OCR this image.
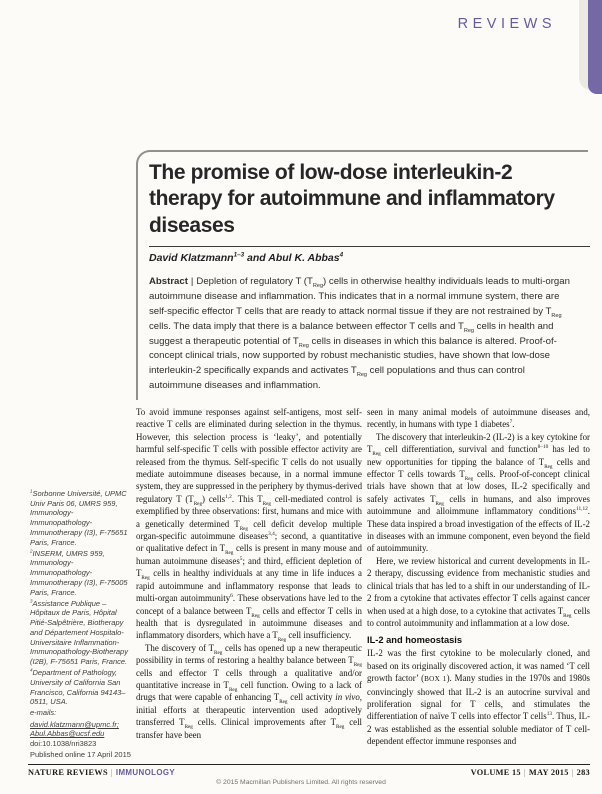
REVIEWS
The promise of low-dose interleukin-2 therapy for autoimmune and inflammatory diseases
David Klatzmann$^{1-3}$ and Abul K. Abbas$^4$
Abstract | Depletion of regulatory T $(T_{Reg})$ cells in otherwise healthy individuals leads to multi-organ autoimmune disease and inflammation. This indicates that in a normal immune system, there are self-specific effector T cells that are ready to attack normal tissue if they are not restrained by $T_{Reg}$ cells. The data imply that there is a balance between effector T cells and $T_{Reg}$ cells in health and suggest a therapeutic potential of $T_{Reg}$ cells in diseases in which this balance is altered. Proof-of-concept clinical trials, now supported by robust mechanistic studies, have shown that low-dose interleukin-2 specifically expands and activates $T_{Reg}$ cell populations and thus can control autoimmune diseases and inflammation.

$^1$Sorbonne Université, UPMC Univ Paris 06, UMRS 959, Immunology-Immunopathology-Immunotherapy (I3), F-75651 Paris, France.

$^2$INSERM, UMRS 959, Immunology-Immunopathology-Immunotherapy (I3), F-75005 Paris, France.

$^3$Assistance Publique – Hôpitaux de Paris, Hôpital Pitié-Salpêtrière, Biotherapy and Département Hospitalo-Universitaire Inflammation-Immunopathology-Biotherapy (I2B), F-75651 Paris, France.

$^4$Department of Pathology, University of California San Francisco, California 94143–0511, USA.

e-mails:

david.klatzmann@upmc.fr;
Abul.Abbas@ucsf.edu

doi:10.1038/nri3823

Published online 17 April 2015

To avoid immune responses against self-antigens, most self-reactive T cells are eliminated during selection in the thymus. However, this selection process is ‘leaky’, and potentially harmful self-specific T cells with possible effector activity are released from the thymus. Self-specific T cells do not usually mediate autoimmune diseases because, in a normal immune system, they are suppressed in the periphery by thymus-derived regulatory T $(T_{Reg})$ cells$^{1,2}$. This $T_{Reg}$ cell-mediated control is exemplified by three observations: first, humans and mice with a genetically determined $T_{Reg}$ cell deficit develop multiple organ-specific autoimmune diseases$^{3,4}$; second, a quantitative or qualitative defect in $T_{Reg}$ cells is present in many mouse and human autoimmune diseases$^5$; and third, efficient depletion of $T_{Reg}$ cells in healthy individuals at any time in life induces a rapid autoimmune and inflammatory response that leads to multi-organ autoimmunity$^6$. These observations have led to the concept of a balance between $T_{Reg}$ cells and effector T cells in health that is dysregulated in autoimmune diseases and inflammatory disorders, which have a $T_{Reg}$ cell insufficiency.

The discovery of $T_{Reg}$ cells has opened up a new therapeutic possibility in terms of restoring a healthy balance between $T_{Reg}$ cells and effector T cells through a qualitative and/or quantitative increase in $T_{Reg}$ cell function. Owing to a lack of drugs that were capable of enhancing $T_{Reg}$ cell activity in vivo, initial efforts at therapeutic intervention used adoptively transferred $T_{Reg}$ cells. Clinical improvements after $T_{Reg}$ cell transfer have been

seen in many animal models of autoimmune diseases and, recently, in humans with type 1 diabetes$^7$.

The discovery that interleukin-2 (IL-2) is a key cytokine for $T_{Reg}$ cell differentiation, survival and function$^{8-10}$ has led to new opportunities for tipping the balance of $T_{Reg}$ cells and effector T cells towards $T_{Reg}$ cells. Proof-of-concept clinical trials have shown that at low doses, IL-2 specifically and safely activates $T_{Reg}$ cells in humans, and also improves autoimmune and alloimmune inflammatory conditions$^{11,12}$. These data inspired a broad investigation of the effects of IL-2 in diseases with an immune component, even beyond the field of autoimmunity.

Here, we review historical and current developments in IL-2 therapy, discussing evidence from mechanistic studies and clinical trials that has led to a shift in our understanding of IL-2 from a cytokine that activates effector T cells against cancer when used at a high dose, to a cytokine that activates $T_{Reg}$ cells to control autoimmunity and inflammation at a low dose.

IL-2 and homeostasis

IL-2 was the first cytokine to be molecularly cloned, and based on its originally discovered action, it was named ‘T cell growth factor’ (BOX 1). Many studies in the 1970s and 1980s convincingly showed that IL-2 is an autocrine survival and proliferation signal for T cells, and stimulates the differentiation of naïve T cells into effector T cells$^{13}$. Thus, IL-2 was established as the essential soluble mediator of T cell-dependent effector immune responses and

NATURE REVIEWS | IMMUNOLOGY	VOLUME 15 | MAY 2015 | 283
© 2015 Macmillan Publishers Limited. All rights reserved
